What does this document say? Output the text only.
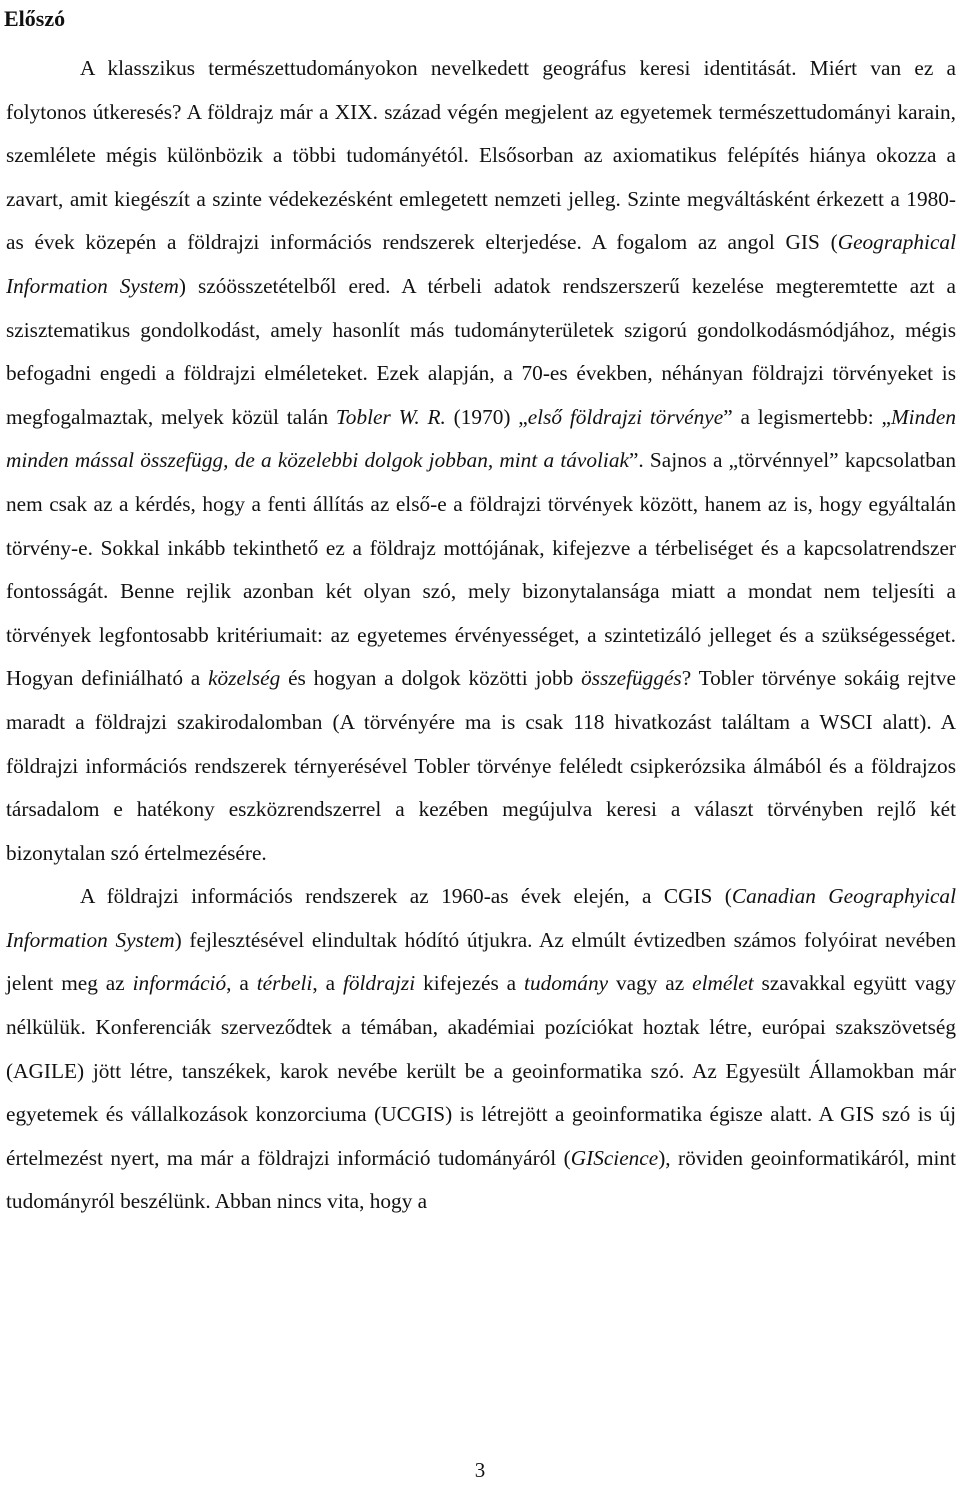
Előszó

A klasszikus természettudományokon nevelkedett geográfus keresi identitását. Miért van ez a folytonos útkeresés? A földrajz már a XIX. század végén megjelent az egyetemek természettudományi karain, szemlélete mégis különbözik a többi tudományétól. Elsősorban az axiomatikus felépítés hiánya okozza a zavart, amit kiegészít a szinte védekezésként emlegetett nemzeti jelleg. Szinte megváltásként érkezett a 1980-as évek közepén a földrajzi információs rendszerek elterjedése. A fogalom az angol GIS (Geographical Information System) szóösszetételből ered. A térbeli adatok rendszerszerű kezelése megteremtette azt a szisztematikus gondolkodást, amely hasonlít más tudományterületek szigorú gondolkodásmódjához, mégis befogadni engedi a földrajzi elméleteket. Ezek alapján, a 70-es években, néhányan földrajzi törvényeket is megfogalmaztak, melyek közül talán Tobler W. R. (1970) „első földrajzi törvénye” a legismertebb: „Minden minden mással összefügg, de a közelebbi dolgok jobban, mint a távoliak”. Sajnos a „törvénnyel” kapcsolatban nem csak az a kérdés, hogy a fenti állítás az első-e a földrajzi törvények között, hanem az is, hogy egyáltalán törvény-e. Sokkal inkább tekinthető ez a földrajz mottójának, kifejezve a térbeliséget és a kapcsolatrendszer fontosságát. Benne rejlik azonban két olyan szó, mely bizonytalansága miatt a mondat nem teljesíti a törvények legfontosabb kritériumait: az egyetemes érvényességet, a szintetizáló jelleget és a szükségességet. Hogyan definiálható a közelség és hogyan a dolgok közötti jobb összefüggés? Tobler törvénye sokáig rejtve maradt a földrajzi szakirodalomban (A törvényére ma is csak 118 hivatkozást találtam a WSCI alatt). A földrajzi információs rendszerek térnyerésével Tobler törvénye feléledt csipkerózsika álmából és a földrajzos társadalom e hatékony eszközrendszerrel a kezében megújulva keresi a választ törvényben rejlő két bizonytalan szó értelmezésére.

A földrajzi információs rendszerek az 1960-as évek elején, a CGIS (Canadian Geographyical Information System) fejlesztésével elindultak hódító útjukra. Az elmúlt évtizedben számos folyóirat nevében jelent meg az információ, a térbeli, a földrajzi kifejezés a tudomány vagy az elmélet szavakkal együtt vagy nélkülük. Konferenciák szerveződtek a témában, akadémiai pozíciókat hoztak létre, európai szakszövetség (AGILE) jött létre, tanszékek, karok nevébe került be a geoinformatika szó. Az Egyesült Államokban már egyetemek és vállalkozások konzorciuma (UCGIS) is létrejött a geoinformatika égisze alatt. A GIS szó is új értelmezést nyert, ma már a földrajzi információ tudományáról (GIScience), röviden geoinformatikáról, mint tudományról beszélünk. Abban nincs vita, hogy a

3
